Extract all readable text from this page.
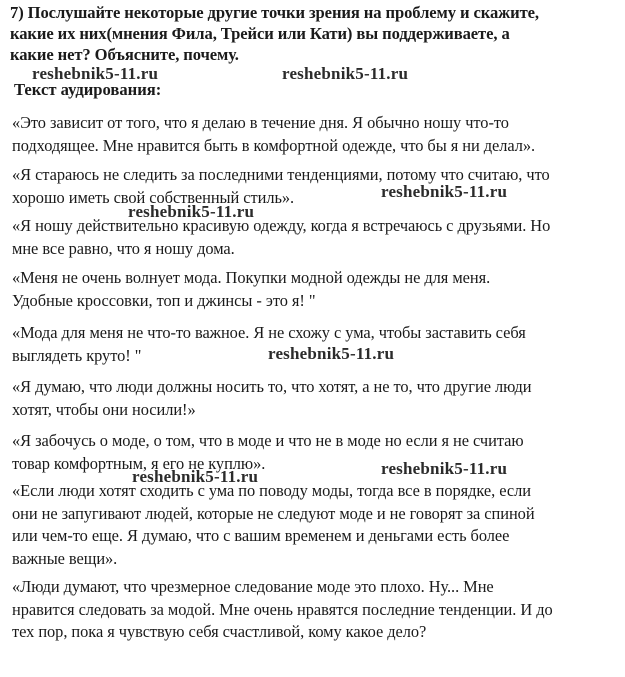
7) Послушайте некоторые другие точки зрения на проблему и скажите,
какие их них(мнения Фила, Трейси или Кати) вы поддерживаете, а
какие нет? Объясните, почему.
Текст аудирования:
«Это зависит от того, что я делаю в течение дня. Я обычно ношу что-то
подходящее. Мне нравится быть в комфортной одежде, что бы я ни делал».
«Я стараюсь не следить за последними тенденциями, потому что считаю, что
хорошо иметь свой собственный стиль».
«Я ношу действительно красивую одежду, когда я встречаюсь с друзьями. Но
мне все равно, что я ношу дома.
«Меня не очень волнует мода. Покупки модной одежды не для меня.
Удобные кроссовки, топ и джинсы - это я! "
«Мода для меня не что-то важное. Я не схожу с ума, чтобы заставить себя
выглядеть круто! "
«Я думаю, что люди должны носить то, что хотят, а не то, что другие люди
хотят, чтобы они носили!»
«Я забочусь о моде, о том, что в моде и что не в моде но если я не считаю
товар комфортным, я его не куплю».
«Если люди хотят сходить с ума по поводу моды, тогда все в порядке, если
они не запугивают людей, которые не следуют моде и не говорят за спиной
или чем-то еще. Я думаю, что с вашим временем и деньгами есть более
важные вещи».
«Люди думают, что чрезмерное следование моде это плохо. Ну... Мне
нравится следовать за модой. Мне очень нравятся последние тенденции. И до
тех пор, пока я чувствую себя счастливой, кому какое дело?
reshebnik5-11.ru	reshebnik5-11.ru
reshebnik5-11.ru
reshebnik5-11.ru
reshebnik5-11.ru
reshebnik5-11.ru
reshebnik5-11.ru
